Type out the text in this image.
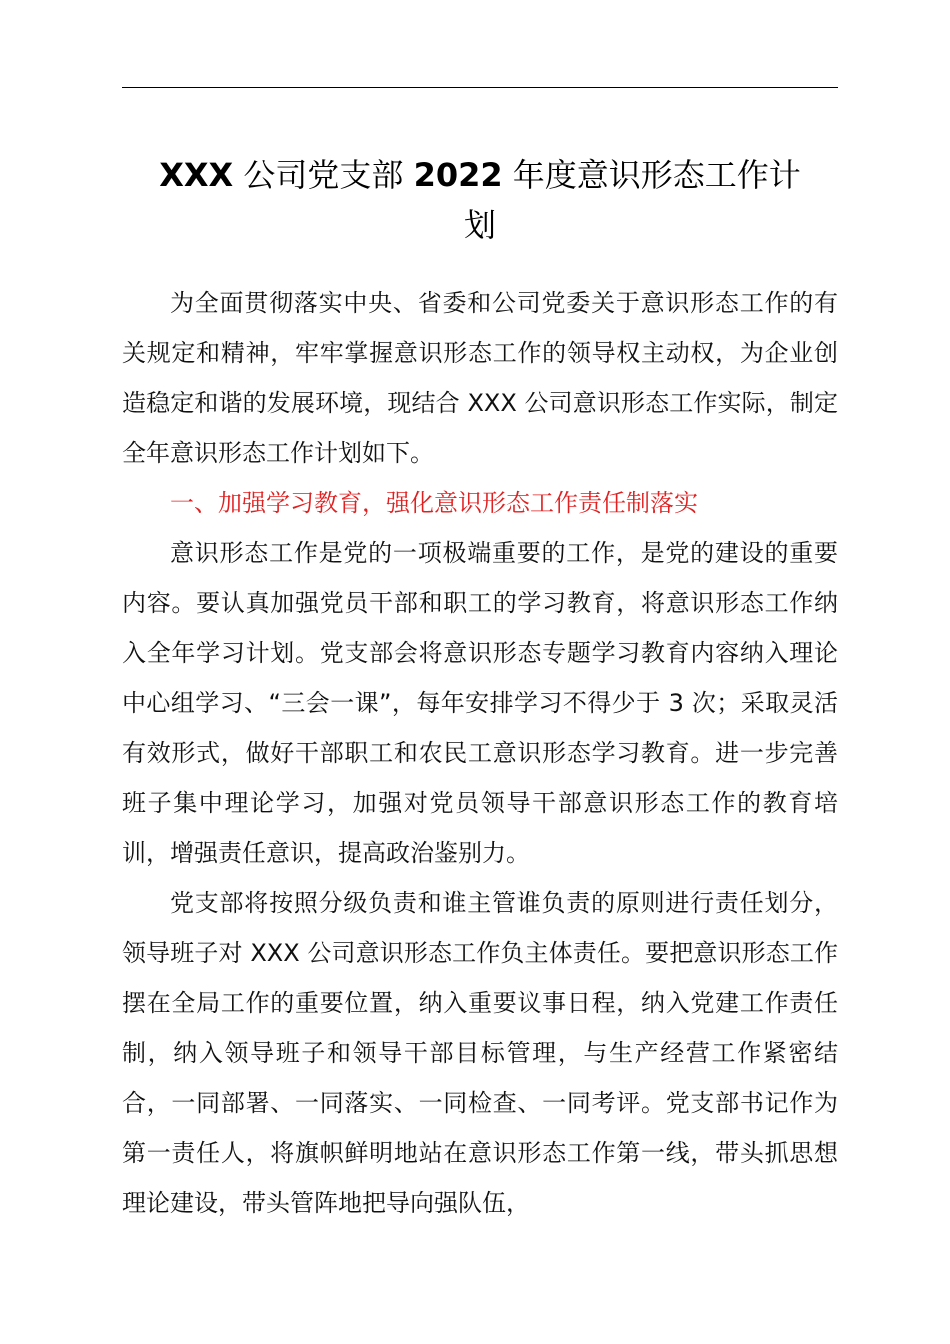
XXX 公司党支部 2022 年度意识形态工作计
划

为全面贯彻落实中央、省委和公司党委关于意识形态工作的有关规定和精神，牢牢掌握意识形态工作的领导权主动权，为企业创造稳定和谐的发展环境，现结合 XXX 公司意识形态工作实际，制定全年意识形态工作计划如下。

一、加强学习教育，强化意识形态工作责任制落实

意识形态工作是党的一项极端重要的工作，是党的建设的重要内容。要认真加强党员干部和职工的学习教育，将意识形态工作纳入全年学习计划。党支部会将意识形态专题学习教育内容纳入理论中心组学习、“三会一课”，每年安排学习不得少于 3 次；采取灵活有效形式，做好干部职工和农民工意识形态学习教育。进一步完善班子集中理论学习，加强对党员领导干部意识形态工作的教育培训，增强责任意识，提高政治鉴别力。

党支部将按照分级负责和谁主管谁负责的原则进行责任划分，领导班子对 XXX 公司意识形态工作负主体责任。要把意识形态工作摆在全局工作的重要位置，纳入重要议事日程，纳入党建工作责任制，纳入领导班子和领导干部目标管理，与生产经营工作紧密结合，一同部署、一同落实、一同检查、一同考评。党支部书记作为第一责任人，将旗帜鲜明地站在意识形态工作第一线，带头抓思想理论建设，带头管阵地把导向强队伍，
